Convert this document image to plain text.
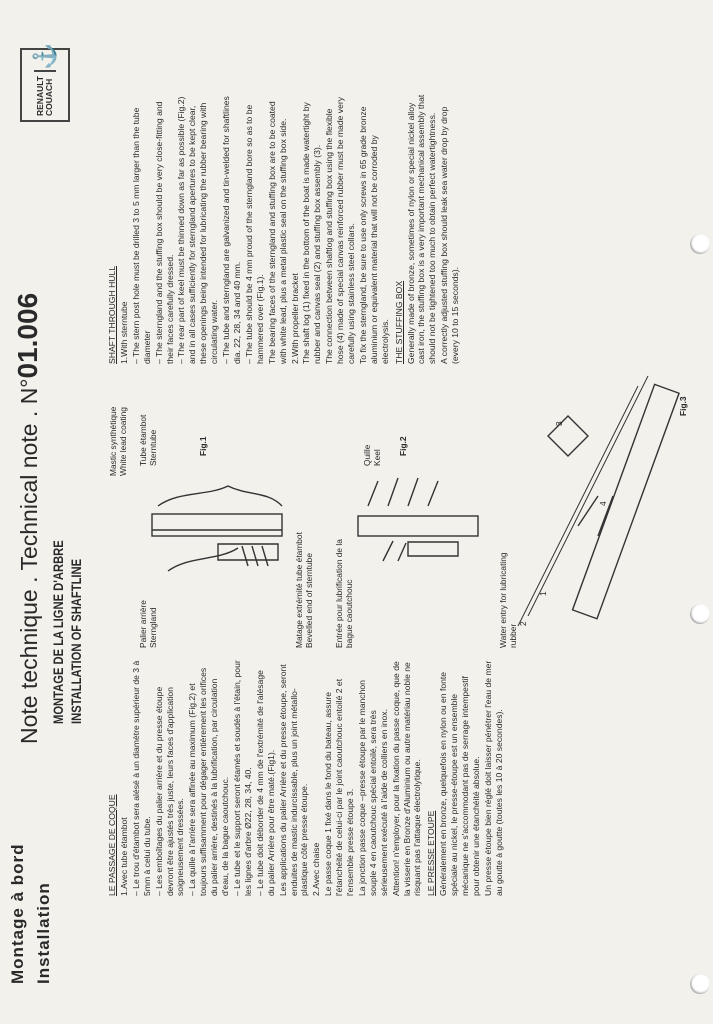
Montage à bord Installation
Note technique . Technical note . N°01.006
MONTAGE DE LA LIGNE D'ARBRE INSTALLATION OF SHAFTLINE
RENAULT
COUACH
⚓

LE PASSAGE DE COQUE 1.Avec tube étambot – Le trou d'étambot sera alésé à un diamètre supérieur de 3 à 5mm à celui du tube. – Les emboîtages du palier arrière et du presse étoupe devront être ajustés très juste, leurs faces d'application soigneusement dressées. – La quille à l'arrière sera affinée au maximum (Fig.2) et toujours suffisamment pour dégager entièrement les orifices du palier arrière, destinés à la lubrification, par circulation d'eau, de la bague caoutchouc. – Le tube et le support seront étamés et soudés à l'étain, pour les lignes d'arbre Ø22, 28, 34, 40. – Le tube doit déborder de 4 mm de l'extrémité de l'alésage du palier Arrière pour être maté.(Fig1). Les applications du palier Arrière et du presse étoupe, seront enduites de mastic indurcissable, plus un joint métallo-plastique côté presse étoupe. 2.Avec chaise Le passe coque 1 fixé dans le fond du bateau, assure l'étanchéité de celui-ci par le joint caoutchouc entoilé 2 et l'ensemble presse étoupe 3. La jonction passe coque –presse étoupe par le manchon souple 4 en caoutchouc spécial entoilé, sera très sérieusement exécuté à l'aide de colliers en inox. Attention! n'employer, pour la fixation du passe coque, que de la visserie en Bronze d'Aluminium ou autre matériau noble ne risquant pas l'attaque électrolytique. LE PRESSE ETOUPE Généralement en bronze, quelquefois en nylon ou en fonte spéciale au nickel, le presse-étoupe est un ensemble mécanique ne s'accommodant pas de serrage intempestif pour obtenir une étanchéité absolue. Un presse étoupe bien réglé doit laisser pénétrer l'eau de mer au goutte à goutte (toutes les 10 à 20 secondes).

Palier arrière Sterngland
Mastic synthétique White lead coating Tube étambot Sterntube
Matage extrémité tube étambot Bevelled end of sterntube
Fig.1
Entrée pour lubrification de la bague caoutchouc
Quille Keel
Water entry for lubricating rubber
Fig.2
Fig.3
1
2
3
4

SHAFT THROUGH HULL 1.With sterntube – The stern post hole must be drilled 3 to 5 mm larger than the tube diameter – The sterngland and the stuffing box should be very close-fitting and their faces carefully dressed. – The rear part of keel must be thinned down as far as possible (Fig.2) and in all cases sufficiently for sterngland apertures to be kept clear, these openings being intended for lubricating the rubber bearing with circulating water. – The tube and sterngland are galvanized and tin-welded for shaftlines dia. 22, 28, 34 and 40 mm. – The tube should be 4 mm proud of the sterngland bore so as to be hammered over (Fig.1). The bearing faces of the sterngland and stuffing box are to be coated with white lead, plus a metal plastic seal on the stuffing box side. 2.With propeller bracket The shaft log (1) fixed in the bottom of the boat is made watertight by rubber and canvas seal (2) and stuffing box assembly (3). The connection between shaftlog and stuffing box using the flexible hose (4) made of special canvas reinforced rubber must be made very carefully using stainless steel collars. To fix the sterngland, be sure to use only screws in 65 grade bronze aluminium or equivalent material that will not be corroded by electrolysis. THE STUFFING BOX Generally made of bronze, sometimes of nylon or special nickel alloy cast iron, the stuffing box is a very important mechanical assembly that should not be tightened too much to obtain perfect watertightness. A correctly adjusted stuffing box should leak sea water drop by drop (every 10 to 15 seconds).
